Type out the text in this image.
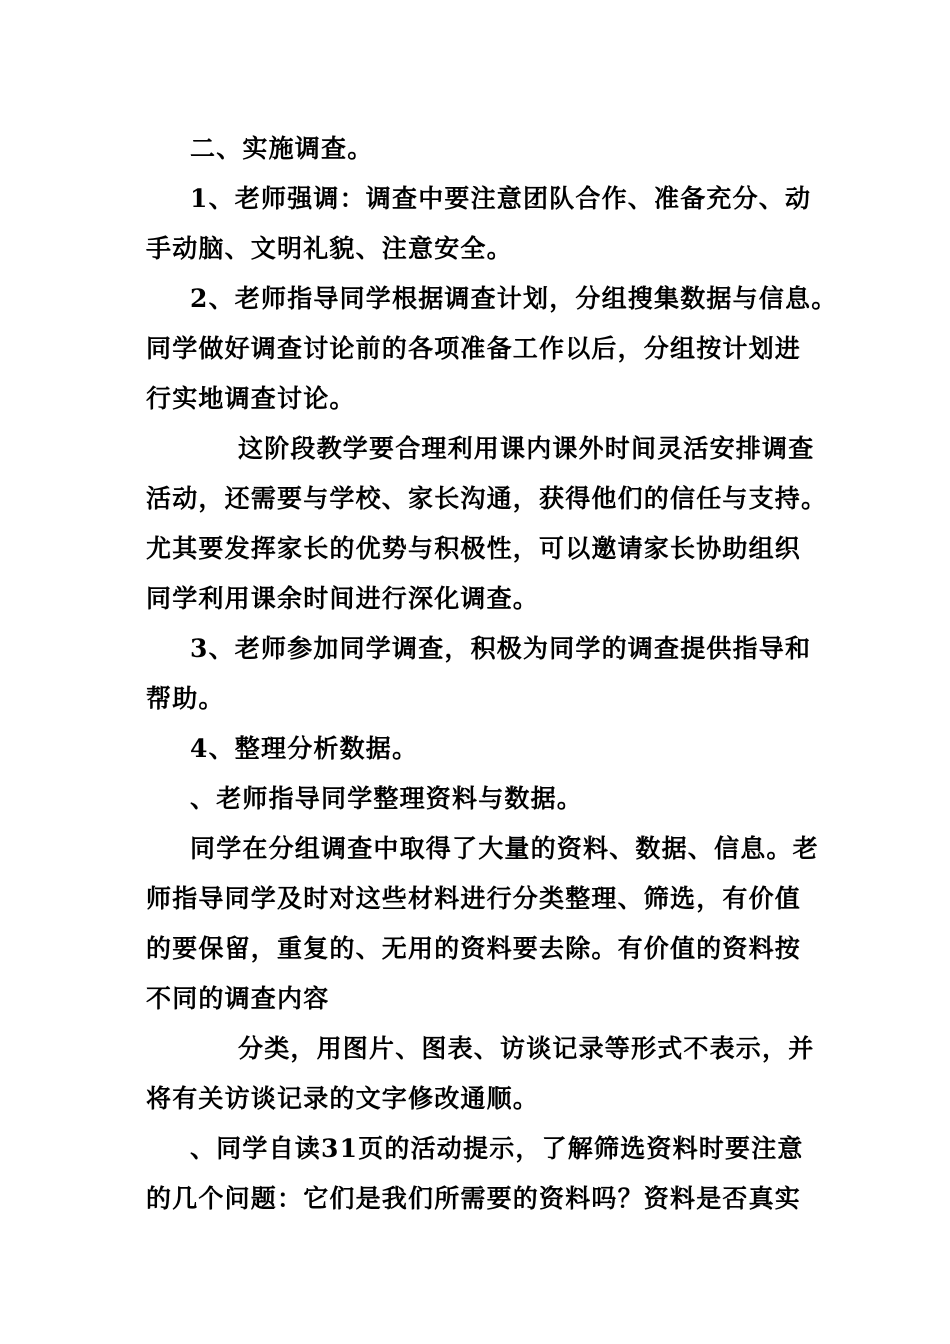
二、实施调查。
1、老师强调：调查中要注意团队合作、准备充分、动
手动脑、文明礼貌、注意安全。
2、老师指导同学根据调查计划，分组搜集数据与信息。
同学做好调查讨论前的各项准备工作以后，分组按计划进
行实地调查讨论。
这阶段教学要合理利用课内课外时间灵活安排调查
活动，还需要与学校、家长沟通，获得他们的信任与支持。
尤其要发挥家长的优势与积极性，可以邀请家长协助组织
同学利用课余时间进行深化调查。
3、老师参加同学调查，积极为同学的调查提供指导和
帮助。
4、整理分析数据。
、老师指导同学整理资料与数据。
同学在分组调查中取得了大量的资料、数据、信息。老
师指导同学及时对这些材料进行分类整理、筛选，有价值
的要保留，重复的、无用的资料要去除。有价值的资料按
不同的调查内容
分类，用图片、图表、访谈记录等形式不表示，并
将有关访谈记录的文字修改通顺。
、同学自读31页的活动提示，了解筛选资料时要注意
的几个问题：它们是我们所需要的资料吗？资料是否真实
